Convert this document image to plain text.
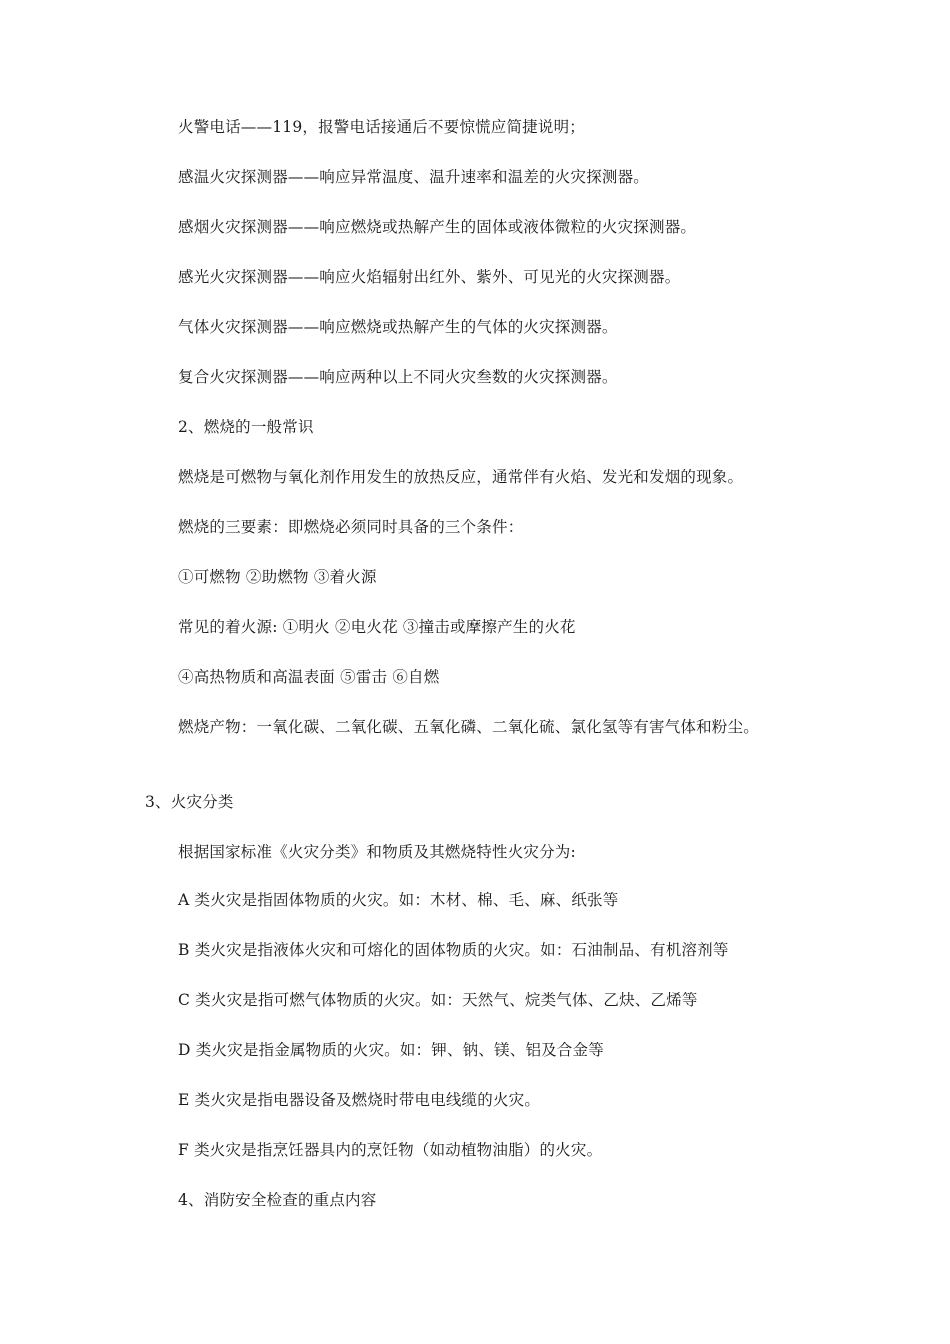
火警电话——119，报警电话接通后不要惊慌应简捷说明；
感温火灾探测器——响应异常温度、温升速率和温差的火灾探测器。
感烟火灾探测器——响应燃烧或热解产生的固体或液体微粒的火灾探测器。
感光火灾探测器——响应火焰辐射出红外、紫外、可见光的火灾探测器。
气体火灾探测器——响应燃烧或热解产生的气体的火灾探测器。
复合火灾探测器——响应两种以上不同火灾叁数的火灾探测器。
2、燃烧的一般常识
燃烧是可燃物与氧化剂作用发生的放热反应，通常伴有火焰、发光和发烟的现象。
燃烧的三要素：即燃烧必须同时具备的三个条件：
①可燃物 ②助燃物 ③着火源
常见的着火源: ①明火 ②电火花 ③撞击或摩擦产生的火花
④高热物质和高温表面 ⑤雷击 ⑥自燃
燃烧产物：一氧化碳、二氧化碳、五氧化磷、二氧化硫、氯化氢等有害气体和粉尘。
3、火灾分类
根据国家标准《火灾分类》和物质及其燃烧特性火灾分为:
A 类火灾是指固体物质的火灾。如：木材、棉、毛、麻、纸张等
B 类火灾是指液体火灾和可熔化的固体物质的火灾。如：石油制品、有机溶剂等
C 类火灾是指可燃气体物质的火灾。如：天然气、烷类气体、乙炔、乙烯等
D 类火灾是指金属物质的火灾。如：钾、钠、镁、铝及合金等
E 类火灾是指电器设备及燃烧时带电电线缆的火灾。
F 类火灾是指烹饪器具内的烹饪物（如动植物油脂）的火灾。
4、消防安全检查的重点内容
